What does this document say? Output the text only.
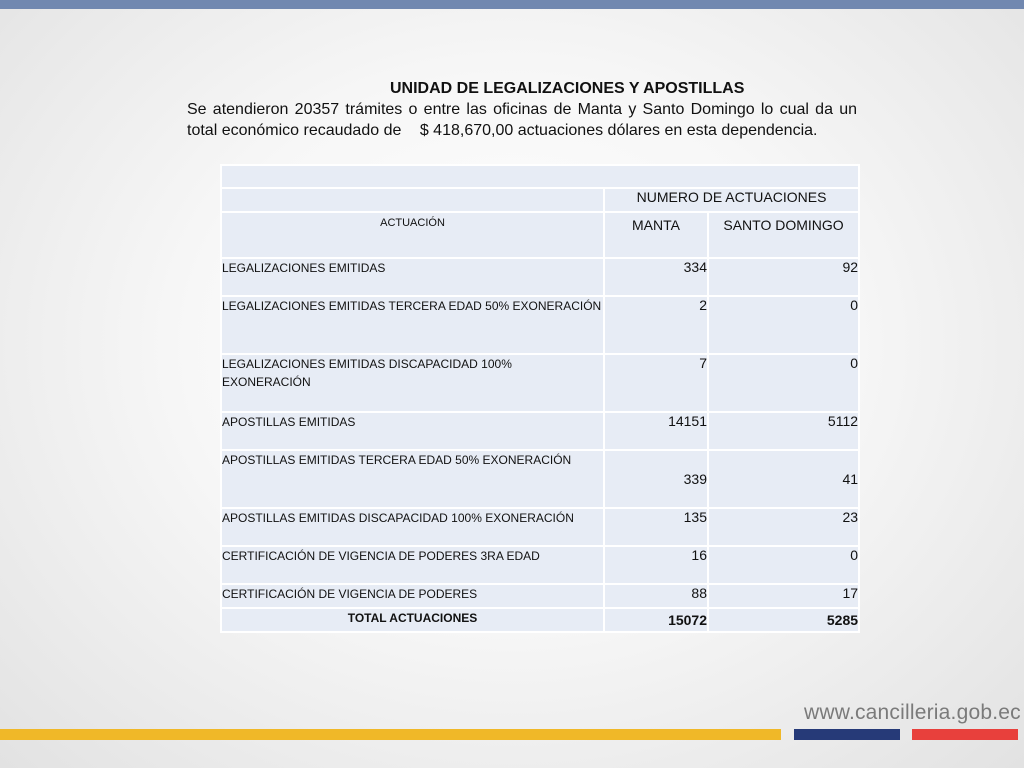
UNIDAD DE LEGALIZACIONES Y APOSTILLAS

Se atendieron 20357 trámites o entre las oficinas de Manta y Santo Domingo lo cual da un total económico recaudado de $ 418,670,00 actuaciones dólares en esta dependencia.

	NUMERO DE ACTUACIONES	
ACTUACIÓN	MANTA	SANTO DOMINGO
LEGALIZACIONES EMITIDAS	334	92
LEGALIZACIONES EMITIDAS TERCERA EDAD 50% EXONERACIÓN	2	0
LEGALIZACIONES EMITIDAS DISCAPACIDAD 100% EXONERACIÓN	7	0
APOSTILLAS EMITIDAS	14151	5112
APOSTILLAS EMITIDAS TERCERA EDAD 50% EXONERACIÓN	339	41
APOSTILLAS EMITIDAS DISCAPACIDAD 100% EXONERACIÓN	135	23
CERTIFICACIÓN DE VIGENCIA DE PODERES 3RA EDAD	16	0
CERTIFICACIÓN DE VIGENCIA DE PODERES	88	17
TOTAL ACTUACIONES	15072	5285
www.cancilleria.gob.ec
